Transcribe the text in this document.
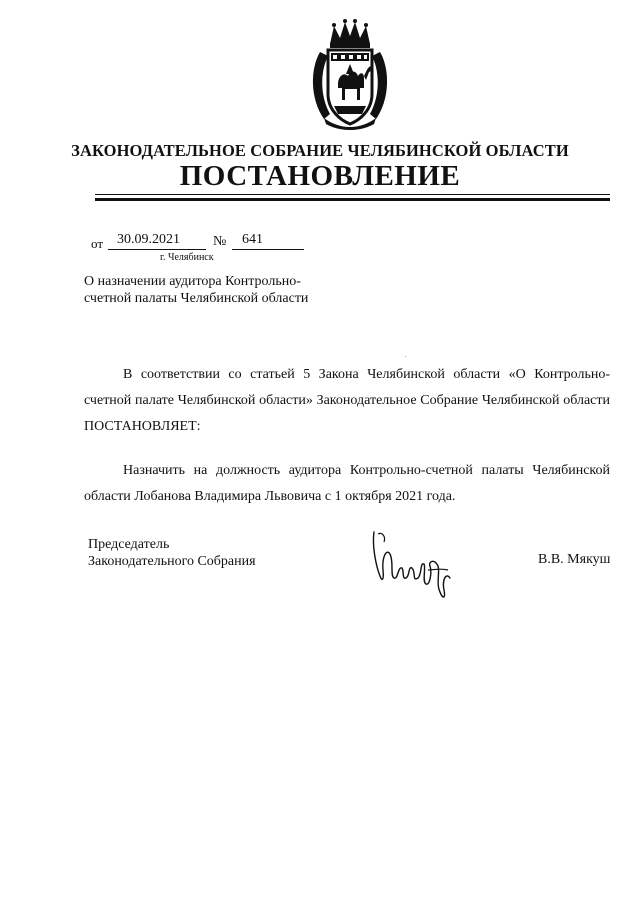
ЗАКОНОДАТЕЛЬНОЕ СОБРАНИЕ ЧЕЛЯБИНСКОЙ ОБЛАСТИ
ПОСТАНОВЛЕНИЕ
от 30.09.2021 № 641
г. Челябинск
О назначении аудитора Контрольно-
счетной палаты Челябинской области
В соответствии со статьей 5 Закона Челябинской области «О Контрольно-счетной палате Челябинской области» Законодательное Собрание Челябинской области ПОСТАНОВЛЯЕТ:
Назначить на должность аудитора Контрольно-счетной палаты Челябинской области Лобанова Владимира Львовича с 1 октября 2021 года.
Председатель
Законодательного Собрания	В.В. Мякуш
